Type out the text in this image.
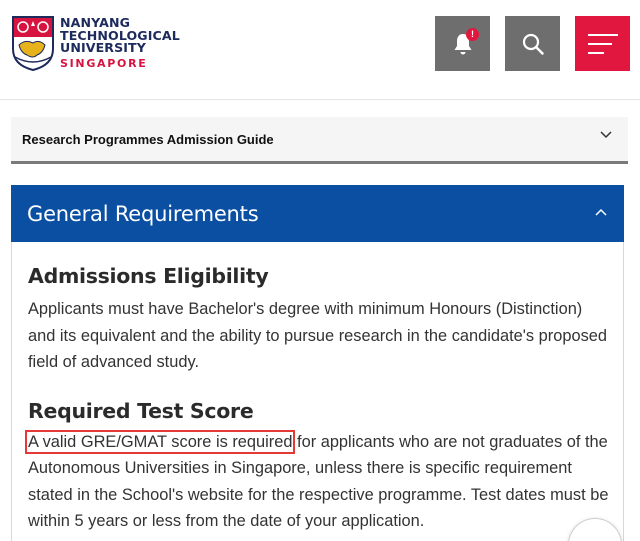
NANYANG
TECHNOLOGICAL
UNIVERSITY
SINGAPORE
!
Research Programmes Admission Guide
General Requirements
Admissions Eligibility

Applicants must have Bachelor's degree with minimum Honours (Distinction) and its equivalent and the ability to pursue research in the candidate's proposed field of advanced study.

Required Test Score

A valid GRE/GMAT score is required for applicants who are not graduates of the Autonomous Universities in Singapore, unless there is specific requirement stated in the School's website for the respective programme. Test dates must be within 5 years or less from the date of your application.
